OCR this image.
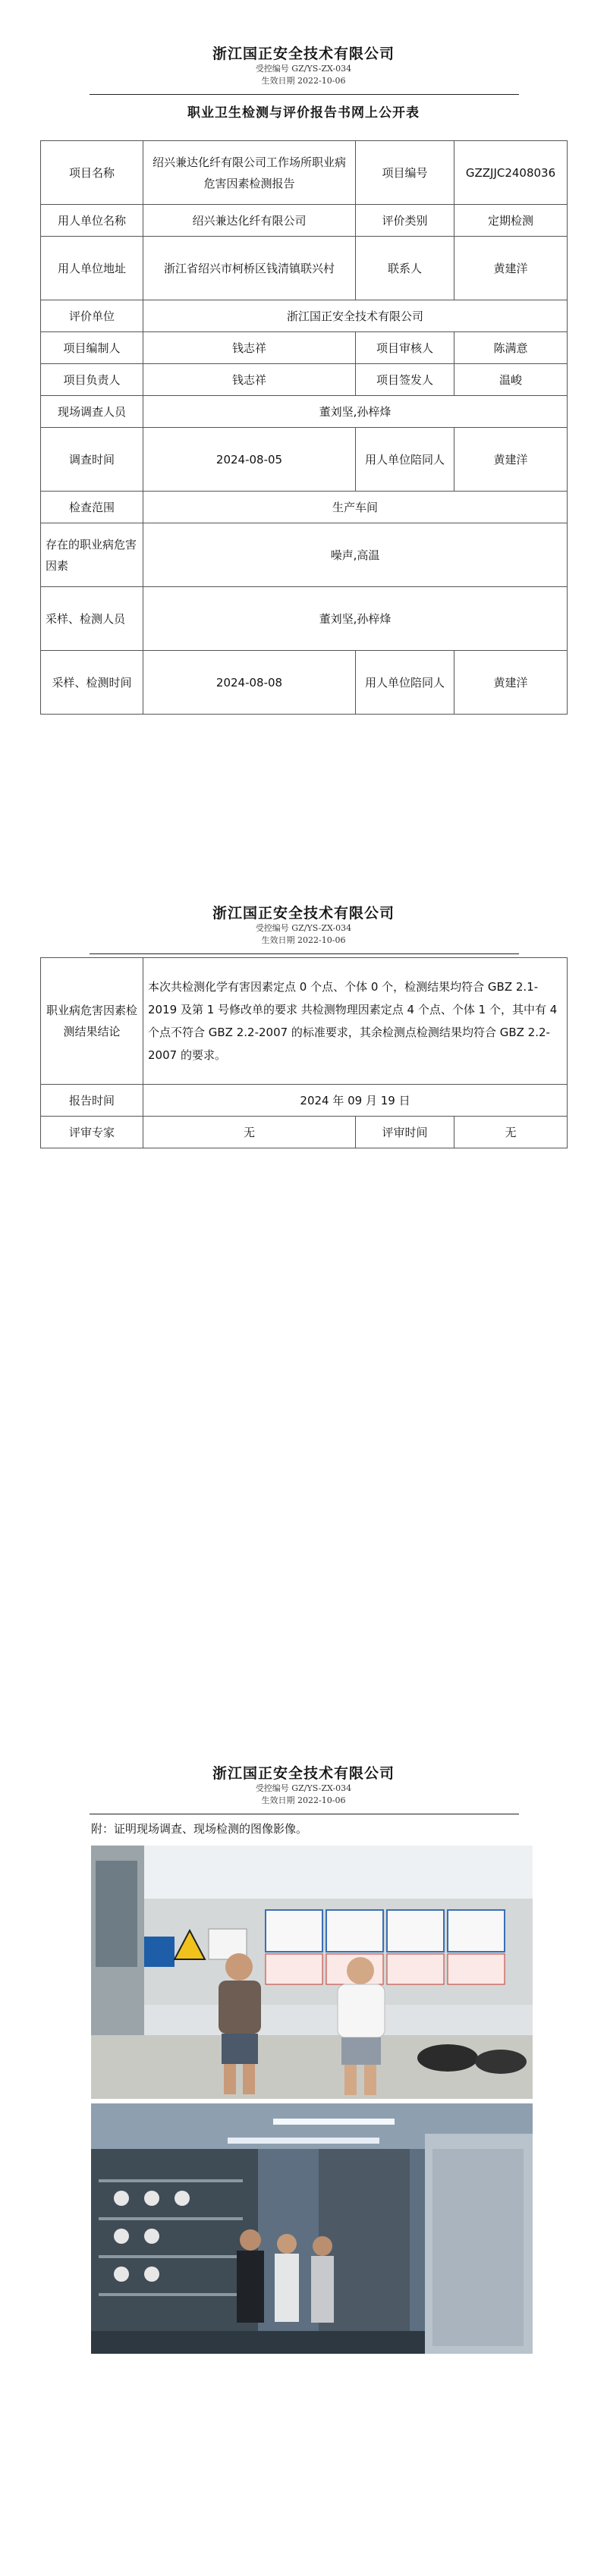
浙江国正安全技术有限公司
受控编号 GZ/YS-ZX-034
生效日期 2022-10-06
职业卫生检测与评价报告书网上公开表
项目名称	绍兴兼达化纤有限公司工作场所职业病危害因素检测报告	项目编号	GZZJJC2408036
用人单位名称	绍兴兼达化纤有限公司	评价类别	定期检测
用人单位地址	浙江省绍兴市柯桥区钱清镇联兴村	联系人	黄建洋
评价单位	浙江国正安全技术有限公司		
项目编制人	钱志祥	项目审核人	陈满意
项目负责人	钱志祥	项目签发人	温峻
现场调查人员	董刘坚,孙梓烽		
调查时间	2024-08-05	用人单位陪同人	黄建洋
检查范围	生产车间		
存在的职业病危害因素	噪声,高温		
采样、检测人员	董刘坚,孙梓烽		
采样、检测时间	2024-08-08	用人单位陪同人	黄建洋
浙江国正安全技术有限公司
受控编号 GZ/YS-ZX-034
生效日期 2022-10-06
职业病危害因素检测结果结论	本次共检测化学有害因素定点 0 个点、个体 0 个，检测结果均符合 GBZ 2.1-2019 及第 1 号修改单的要求 共检测物理因素定点 4 个点、个体 1 个，其中有 4 个点不符合 GBZ 2.2-2007 的标准要求，其余检测点检测结果均符合 GBZ 2.2-2007 的要求。		
报告时间	2024 年 09 月 19 日		
评审专家	无	评审时间	无
浙江国正安全技术有限公司
受控编号 GZ/YS-ZX-034
生效日期 2022-10-06
附：证明现场调查、现场检测的图像影像。
